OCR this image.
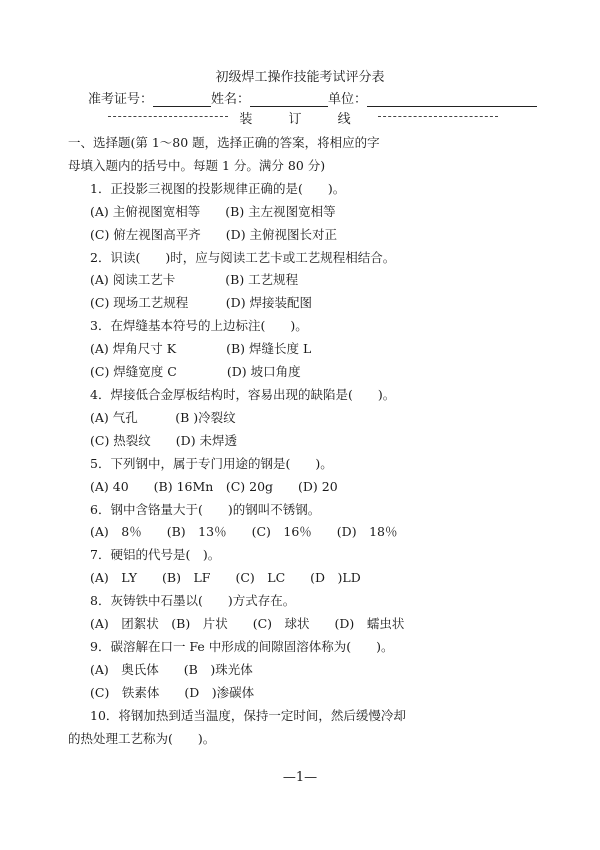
初级焊工操作技能考试评分表
准考证号：	姓名：	单位：
装 订 线
一、选择题(第 1～80 题，选择正确的答案，将相应的字
母填入题内的括号中。每题 1 分。满分 80 分)
1．正投影三视图的投影规律正确的是(　　)。
(A) 主俯视图宽相等　　(B) 主左视图宽相等
(C) 俯左视图高平齐　　(D) 主俯视图长对正
2．识读(　　)时，应与阅读工艺卡或工艺规程相结合。
(A) 阅读工艺卡　　　　(B) 工艺规程
(C) 现场工艺规程　　　(D) 焊接装配图
3．在焊缝基本符号的上边标注(　　)。
(A) 焊角尺寸 K　　　　(B) 焊缝长度 L
(C) 焊缝宽度 C　　　　(D) 坡口角度
4．焊接低合金厚板结构时，容易出现的缺陷是(　　)。
(A) 气孔　　　(B )冷裂纹
(C) 热裂纹　　(D) 未焊透
5．下列钢中，属于专门用途的钢是(　　)。
(A) 40　　(B) 16Mn　(C) 20g　　(D) 20
6．钢中含铬量大于(　　)的钢叫不锈钢。
(A)　8％　　(B)　13％　　(C)　16％　　(D)　18％
7．硬铝的代号是(　)。
(A)　LY　　(B)　LF　　(C)　LC　　(D　)LD
8．灰铸铁中石墨以(　　)方式存在。
(A)　团絮状　(B)　片状　　(C)　球状　　(D)　蠕虫状
9．碳溶解在口一 Fe 中形成的间隙固溶体称为(　　)。
(A)　奥氏体　　(B　)珠光体
(C)　铁素体　　(D　)渗碳体
10．将钢加热到适当温度，保持一定时间，然后缓慢冷却
的热处理工艺称为(　　)。
—1—
